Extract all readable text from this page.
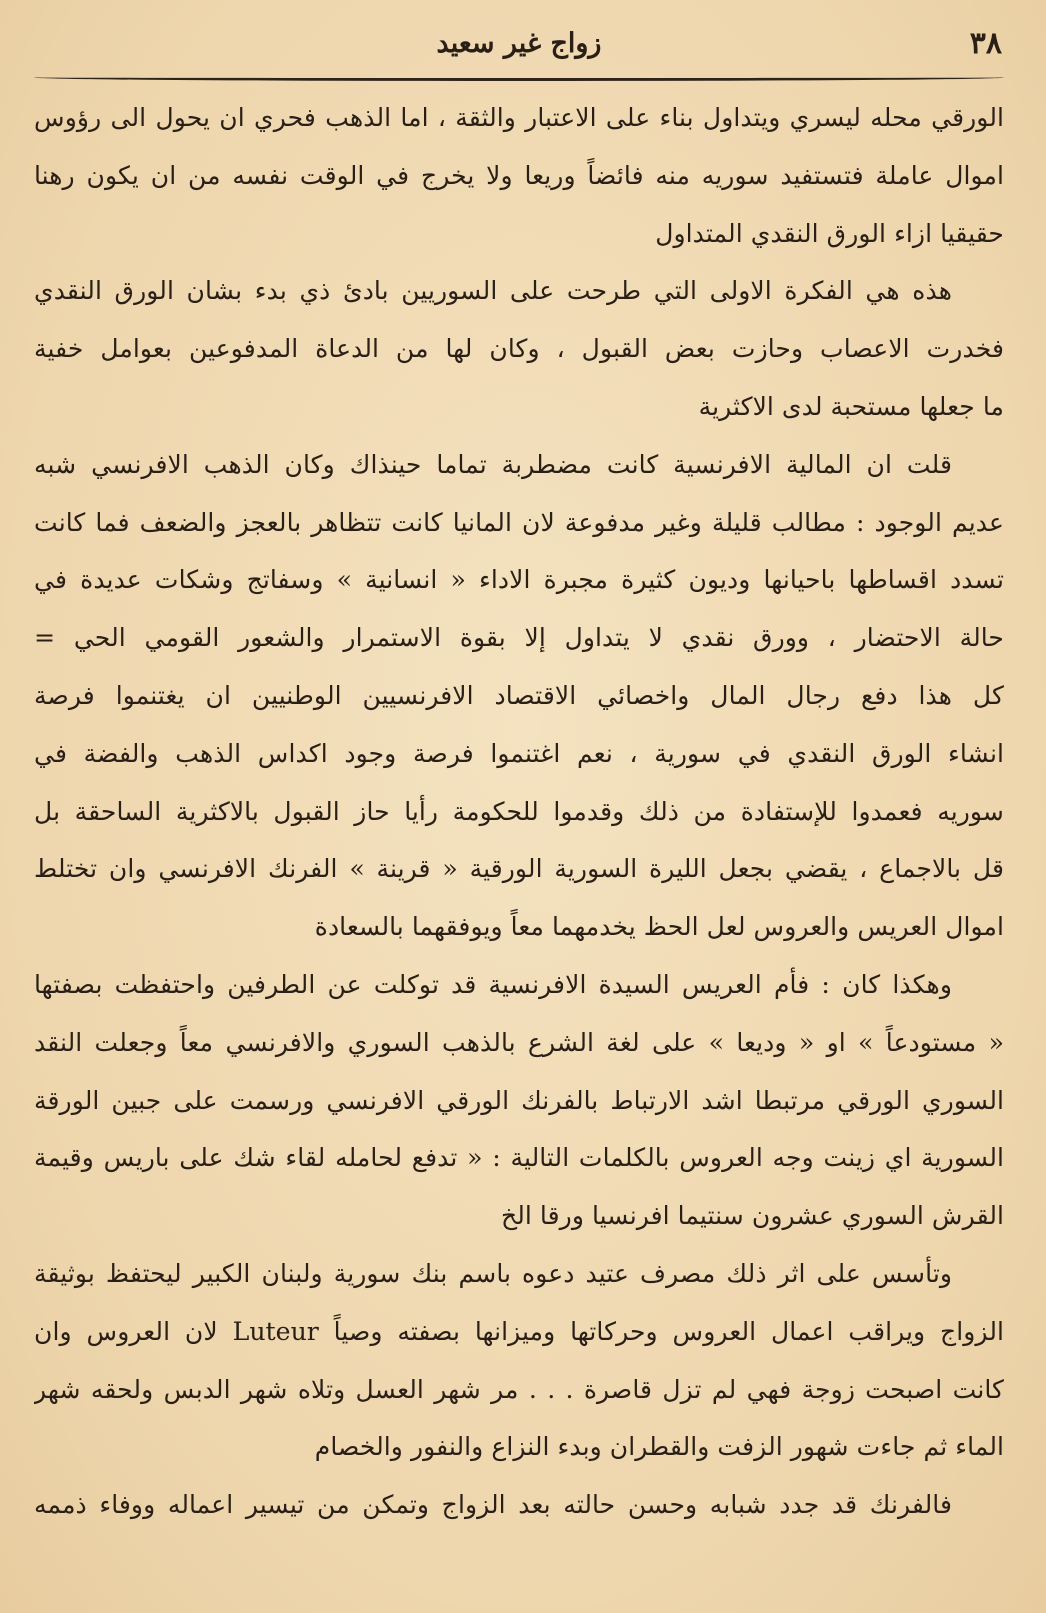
٣٨
زواج غير سعيد
الورقي محله ليسري ويتداول بناء على الاعتبار والثقة ، اما الذهب فحري ان يحول الى رؤوس
اموال عاملة فتستفيد سوريه منه فائضاً وريعا ولا يخرج في الوقت نفسه من ان يكون رهنا
حقيقيا ازاء الورق النقدي المتداول
هذه هي الفكرة الاولى التي طرحت على السوريين بادئ ذي بدء بشان الورق النقدي
فخدرت الاعصاب وحازت بعض القبول ، وكان لها من الدعاة المدفوعين بعوامل خفية
ما جعلها مستحبة لدى الاكثرية
قلت ان المالية الافرنسية كانت مضطربة تماما حينذاك وكان الذهب الافرنسي شبه
عديم الوجود : مطالب قليلة وغير مدفوعة لان المانيا كانت تتظاهر بالعجز والضعف فما كانت
تسدد اقساطها باحيانها وديون كثيرة مجبرة الاداء « انسانية » وسفاتج وشكات عديدة في
حالة الاحتضار ، وورق نقدي لا يتداول إلا بقوة الاستمرار والشعور القومي الحي =
كل هذا دفع رجال المال واخصائي الاقتصاد الافرنسيين الوطنيين ان يغتنموا فرصة
انشاء الورق النقدي في سورية ، نعم اغتنموا فرصة وجود اكداس الذهب والفضة في
سوريه فعمدوا للإستفادة من ذلك وقدموا للحكومة رأيا حاز القبول بالاكثرية الساحقة بل
قل بالاجماع ، يقضي بجعل الليرة السورية الورقية « قرينة » الفرنك الافرنسي وان تختلط
اموال العريس والعروس لعل الحظ يخدمهما معاً ويوفقهما بالسعادة
وهكذا كان : فأم العريس السيدة الافرنسية قد توكلت عن الطرفين واحتفظت بصفتها
« مستودعاً » او « وديعا » على لغة الشرع بالذهب السوري والافرنسي معاً وجعلت النقد
السوري الورقي مرتبطا اشد الارتباط بالفرنك الورقي الافرنسي ورسمت على جبين الورقة
السورية اي زينت وجه العروس بالكلمات التالية : « تدفع لحامله لقاء شك على باريس وقيمة
القرش السوري عشرون سنتيما افرنسيا ورقا الخ
وتأسس على اثر ذلك مصرف عتيد دعوه باسم بنك سورية ولبنان الكبير ليحتفظ بوثيقة
الزواج ويراقب اعمال العروس وحركاتها وميزانها بصفته وصياً Luteur لان العروس وان
كانت اصبحت زوجة فهي لم تزل قاصرة . . . مر شهر العسل وتلاه شهر الدبس ولحقه شهر
الماء ثم جاءت شهور الزفت والقطران وبدء النزاع والنفور والخصام
فالفرنك قد جدد شبابه وحسن حالته بعد الزواج وتمكن من تيسير اعماله ووفاء ذممه
